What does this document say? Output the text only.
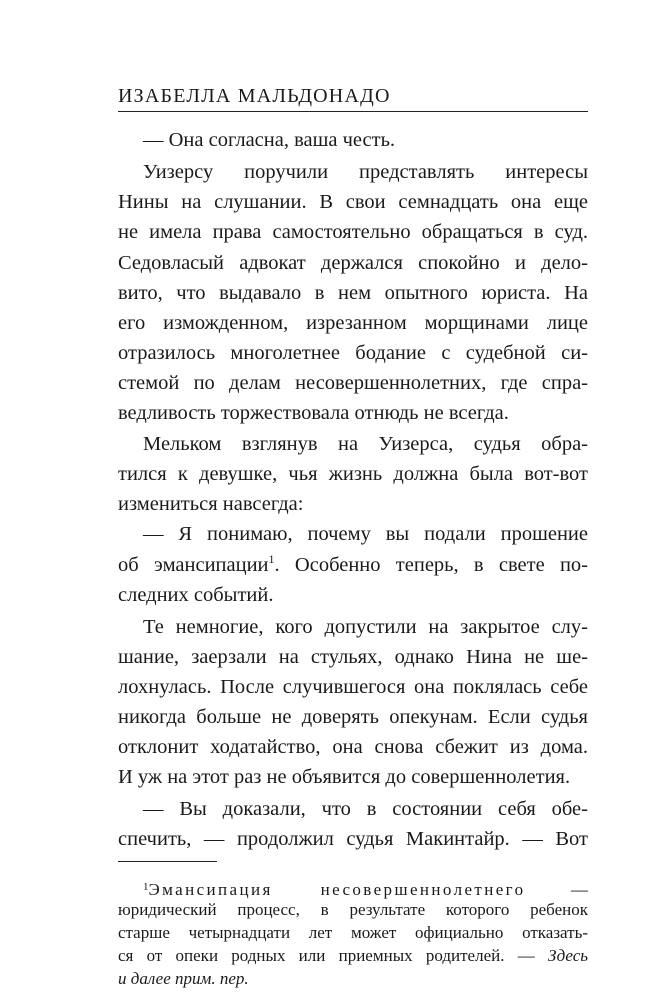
ИЗАБЕЛЛА МАЛЬДОНАДО
— Она согласна, ваша честь.
Уизерсу поручили представлять интересы
Нины на слушании. В свои семнадцать она еще
не имела права самостоятельно обращаться в суд.
Седовласый адвокат держался спокойно и дело-
вито, что выдавало в нем опытного юриста. На
его изможденном, изрезанном морщинами лице
отразилось многолетнее бодание с судебной си-
стемой по делам несовершеннолетних, где спра-
ведливость торжествовала отнюдь не всегда.
Мельком взглянув на Уизерса, судья обра-
тился к девушке, чья жизнь должна была вот-вот
измениться навсегда:
— Я понимаю, почему вы подали прошение
об эмансипации$^1$. Особенно теперь, в свете по-
следних событий.
Те немногие, кого допустили на закрытое слу-
шание, заерзали на стульях, однако Нина не ше-
лохнулась. После случившегося она поклялась себе
никогда больше не доверять опекунам. Если судья
отклонит ходатайство, она снова сбежит из дома.
И уж на этот раз не объявится до совершеннолетия.
— Вы доказали, что в состоянии себя обе-
спечить, — продолжил судья Макинтайр. — Вот
$^1$Эмансипация несовершеннолетнего —
юридический процесс, в результате которого ребенок
старше четырнадцати лет может официально отказать-
ся от опеки родных или приемных родителей. — Здесь
и далее прим. пер.
